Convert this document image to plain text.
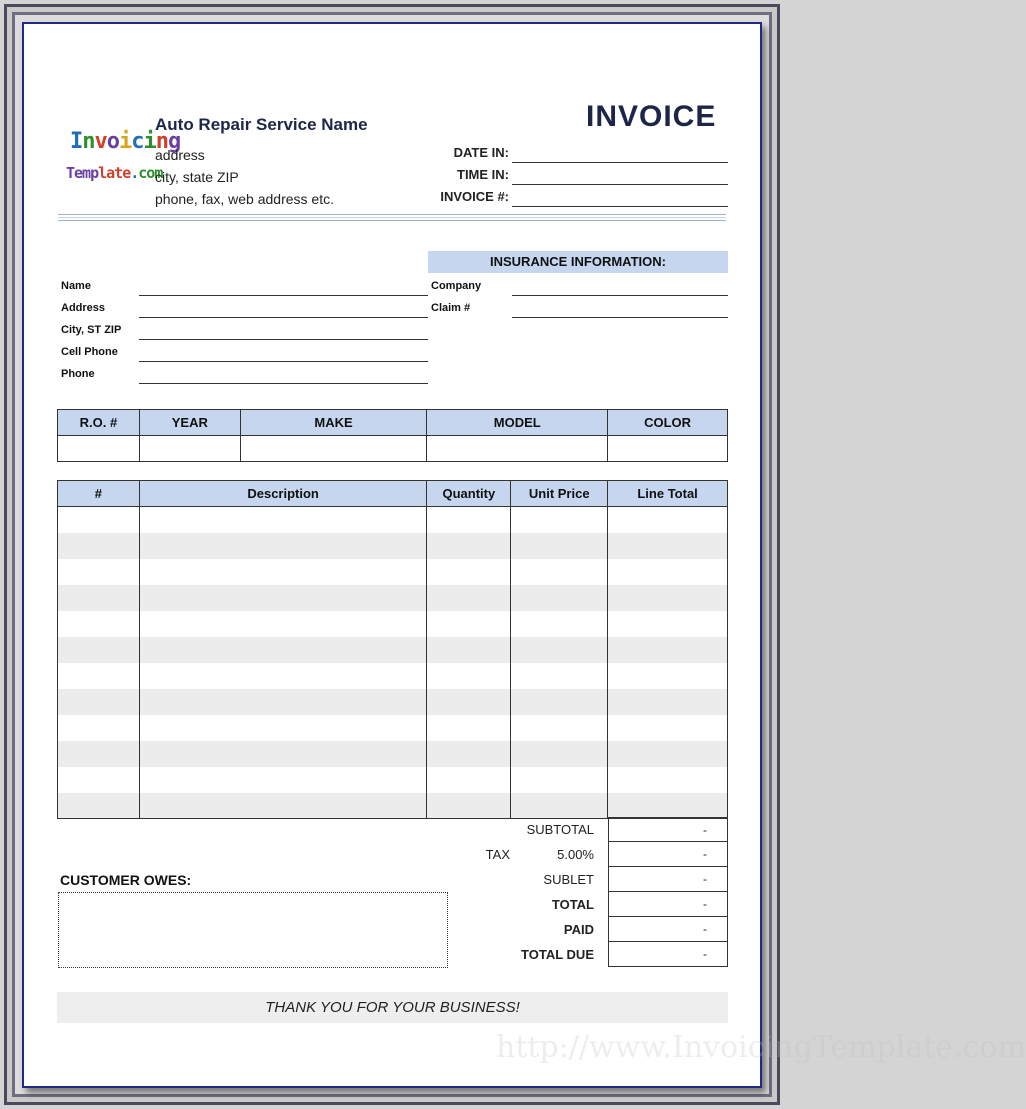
Invoicing
Template.com
Auto Repair Service Name
address
city, state ZIP
phone, fax, web address etc.
INVOICE
DATE IN:
TIME IN:
INVOICE #:
INSURANCE INFORMATION:
Company
Claim #
Name
Address
City, ST ZIP
Cell Phone
Phone
R.O. #	YEAR	MAKE	MODEL	COLOR

#	Description	Quantity	Unit Price	Line Total

SUBTOTAL	-
TAX	5.00%	-
SUBLET	-
TOTAL	-
PAID	-
TOTAL DUE	-
CUSTOMER OWES:
THANK YOU FOR YOUR BUSINESS!
http://www.InvoicingTemplate.com
